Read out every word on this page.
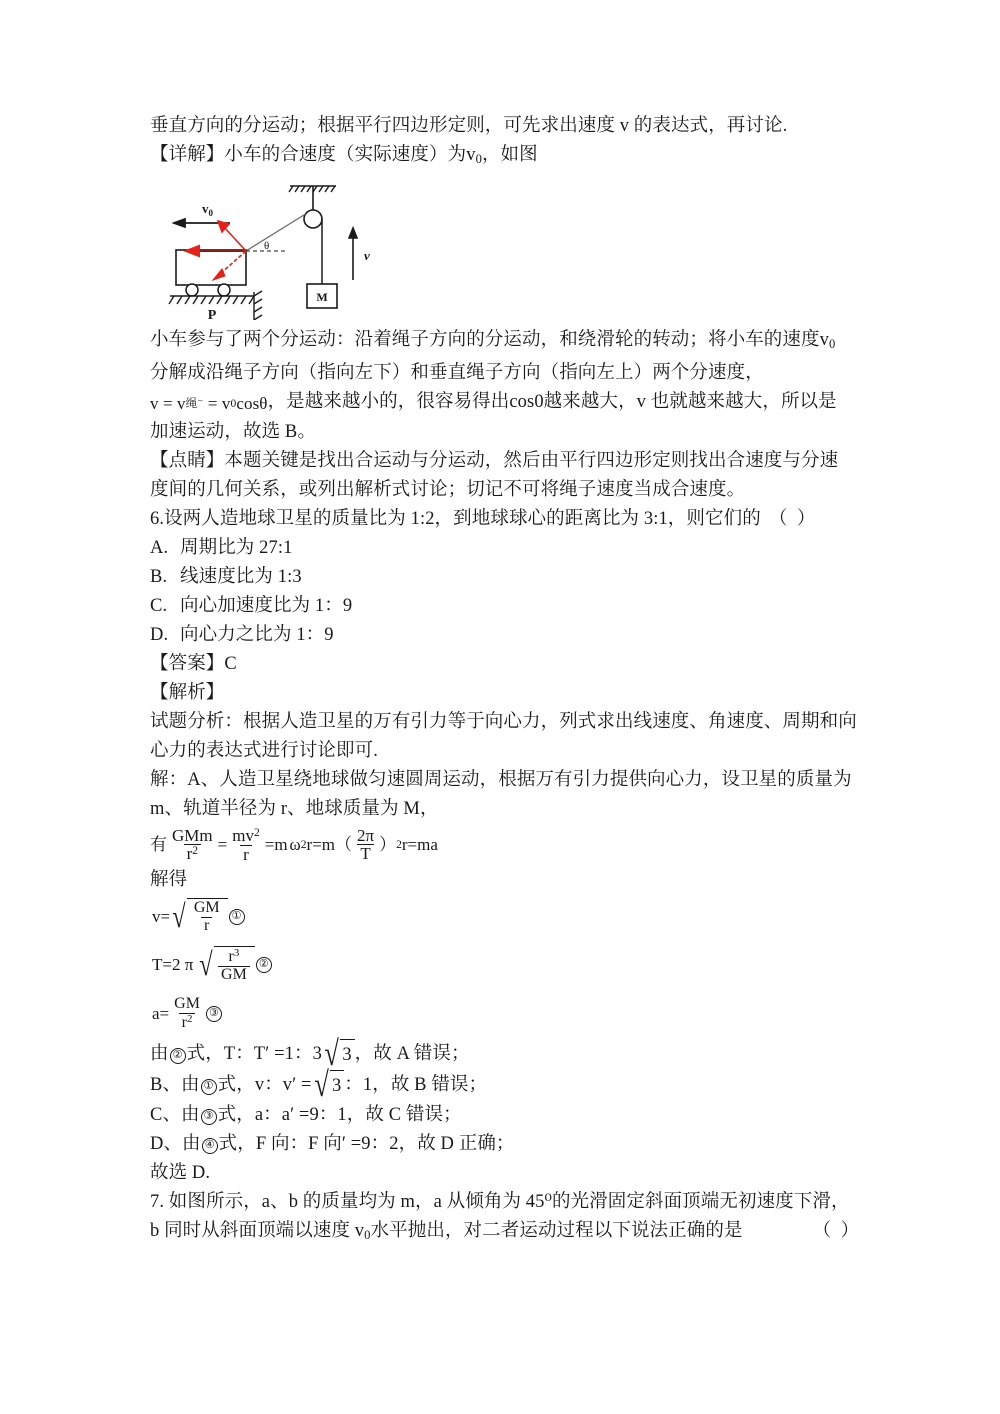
垂直方向的分运动；根据平行四边形定则，可先求出速度 v 的表达式，再讨论.
【详解】小车的合速度（实际速度）为$v_0$，如图
M
v
θ
P
$v_0$
小车参与了两个分运动：沿着绳子方向的分运动，和绕滑轮的转动；将小车的速度$v_0$
分解成沿绳子方向（指向左下）和垂直绳子方向（指向左上）两个分速度，
v = v 绳 ⁻ = v 0 cosθ ，是越来越小的，很容易得出cos0越来越大，v 也就越来越大，所以是
加速运动，故选 B。
【点睛】本题关键是找出合运动与分运动，然后由平行四边形定则找出合速度与分速
度间的几何关系，或列出解析式讨论；切记不可将绳子速度当成合速度。
6.设两人造地球卫星的质量比为 1:2，到地球球心的距离比为 3:1，则它们的 （  ）
A. 周期比为 27:1
B. 线速度比为 1:3
C. 向心加速度比为 1：9
D. 向心力之比为 1：9
【答案】C
【解析】
试题分析：根据人造卫星的万有引力等于向心力，列式求出线速度、角速度、周期和向
心力的表达式进行讨论即可.
解：A、人造卫星绕地球做匀速圆周运动，根据万有引力提供向心力，设卫星的质量为
m、轨道半径为 r、地球质量为 M，
有 $\frac{\text{GMm}}{r^2} = \frac{mv^2}{r} =m$ ω 2 r=m （ $\frac{2\pi}{T}$ ） 2 r=ma
解得
v= √ $\frac{GM}{r}$ ①
T=2 π √ $\frac{r^3}{GM}$ ②
$a= \frac{GM}{r^2}$ ③
由 ② 式，T：T′ =1：3 √ 3 ，故 A 错误；
B、由 ① 式，v：v′ = √ 3 ：1，故 B 错误；
C、由 ③ 式，a：a′ =9：1，故 C 错误；
D、由 ④ 式，F 向：F 向′ =9：2，故 D 正确；
故选 D.
7. 如图所示，a、b 的质量均为 m，a 从倾角为 45⁰的光滑固定斜面顶端无初速度下滑，
b 同时从斜面顶端以速度 $v_0$水平抛出，对二者运动过程以下说法正确的是	（  ）
